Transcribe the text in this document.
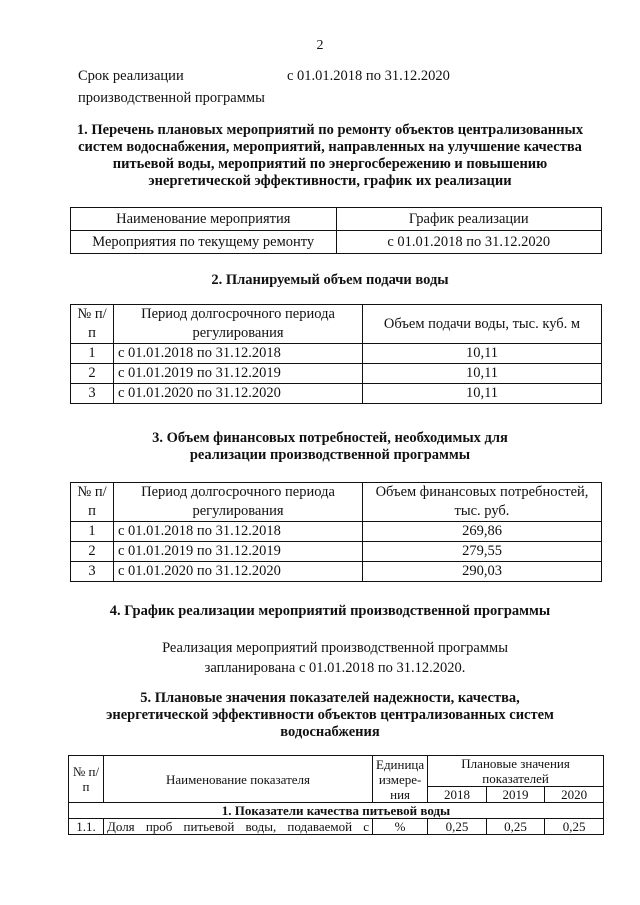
2
Срок реализации
производственной программы
с 01.01.2018 по 31.12.2020
1. Перечень плановых мероприятий по ремонту объектов централизованных систем водоснабжения, мероприятий, направленных на улучшение качества питьевой воды, мероприятий по энергосбережению и повышению энергетической эффективности, график их реализации
Наименование мероприятия	График реализации
Мероприятия по текущему ремонту	с 01.01.2018 по 31.12.2020
2. Планируемый объем подачи воды
№ п/п	Период долгосрочного периода регулирования	Объем подачи воды, тыс. куб. м
1	с 01.01.2018 по 31.12.2018	10,11
2	с 01.01.2019 по 31.12.2019	10,11
3	с 01.01.2020 по 31.12.2020	10,11
3. Объем финансовых потребностей, необходимых для
реализации производственной программы
№ п/п	Период долгосрочного периода регулирования	Объем финансовых потребностей, тыс. руб.
1	с 01.01.2018 по 31.12.2018	269,86
2	с 01.01.2019 по 31.12.2019	279,55
3	с 01.01.2020 по 31.12.2020	290,03
4. График реализации мероприятий производственной программы
Реализация мероприятий производственной программы
запланирована с 01.01.2018 по 31.12.2020.
5. Плановые значения показателей надежности, качества, энергетической эффективности объектов централизованных систем водоснабжения
№ п/п	Наименование показателя	Единица измере-ния	Плановые значения показателей		
			2018	2019	2020
1. Показатели качества питьевой воды					
1.1.	Доля проб питьевой воды, подаваемой с	%	0,25	0,25	0,25
